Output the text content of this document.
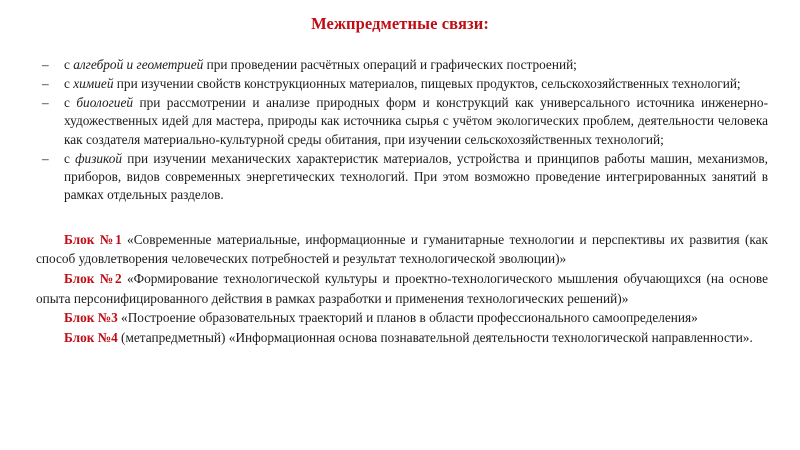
Межпредметные связи:
–	с алгеброй и геометрией при проведении расчётных операций и графических построений;
–	с химией при изучении свойств конструкционных материалов, пищевых продуктов, сельскохозяйственных технологий;
–	с биологией при рассмотрении и анализе природных форм и конструкций как универсального источника инженерно-художественных идей для мастера, природы как источника сырья с учётом экологических проблем, деятельности человека как создателя материально-культурной среды обитания, при изучении сельскохозяйственных технологий;
–	с физикой при изучении механических характеристик материалов, устройства и принципов работы машин, механизмов, приборов, видов современных энергетических технологий. При этом возможно проведение интегрированных занятий в рамках отдельных разделов.

Блок №1 «Современные материальные, информационные и гуманитарные технологии и перспективы их развития (как способ удовлетворения человеческих потребностей и результат технологической эволюции)»

Блок №2 «Формирование технологической культуры и проектно-технологического мышления обучающихся (на основе опыта персонифицированного действия в рамках разработки и применения технологических решений)»

Блок №3 «Построение образовательных траекторий и планов в области профессионального самоопределения»

Блок №4 (метапредметный) «Информационная основа познавательной деятельности технологической направленности».
